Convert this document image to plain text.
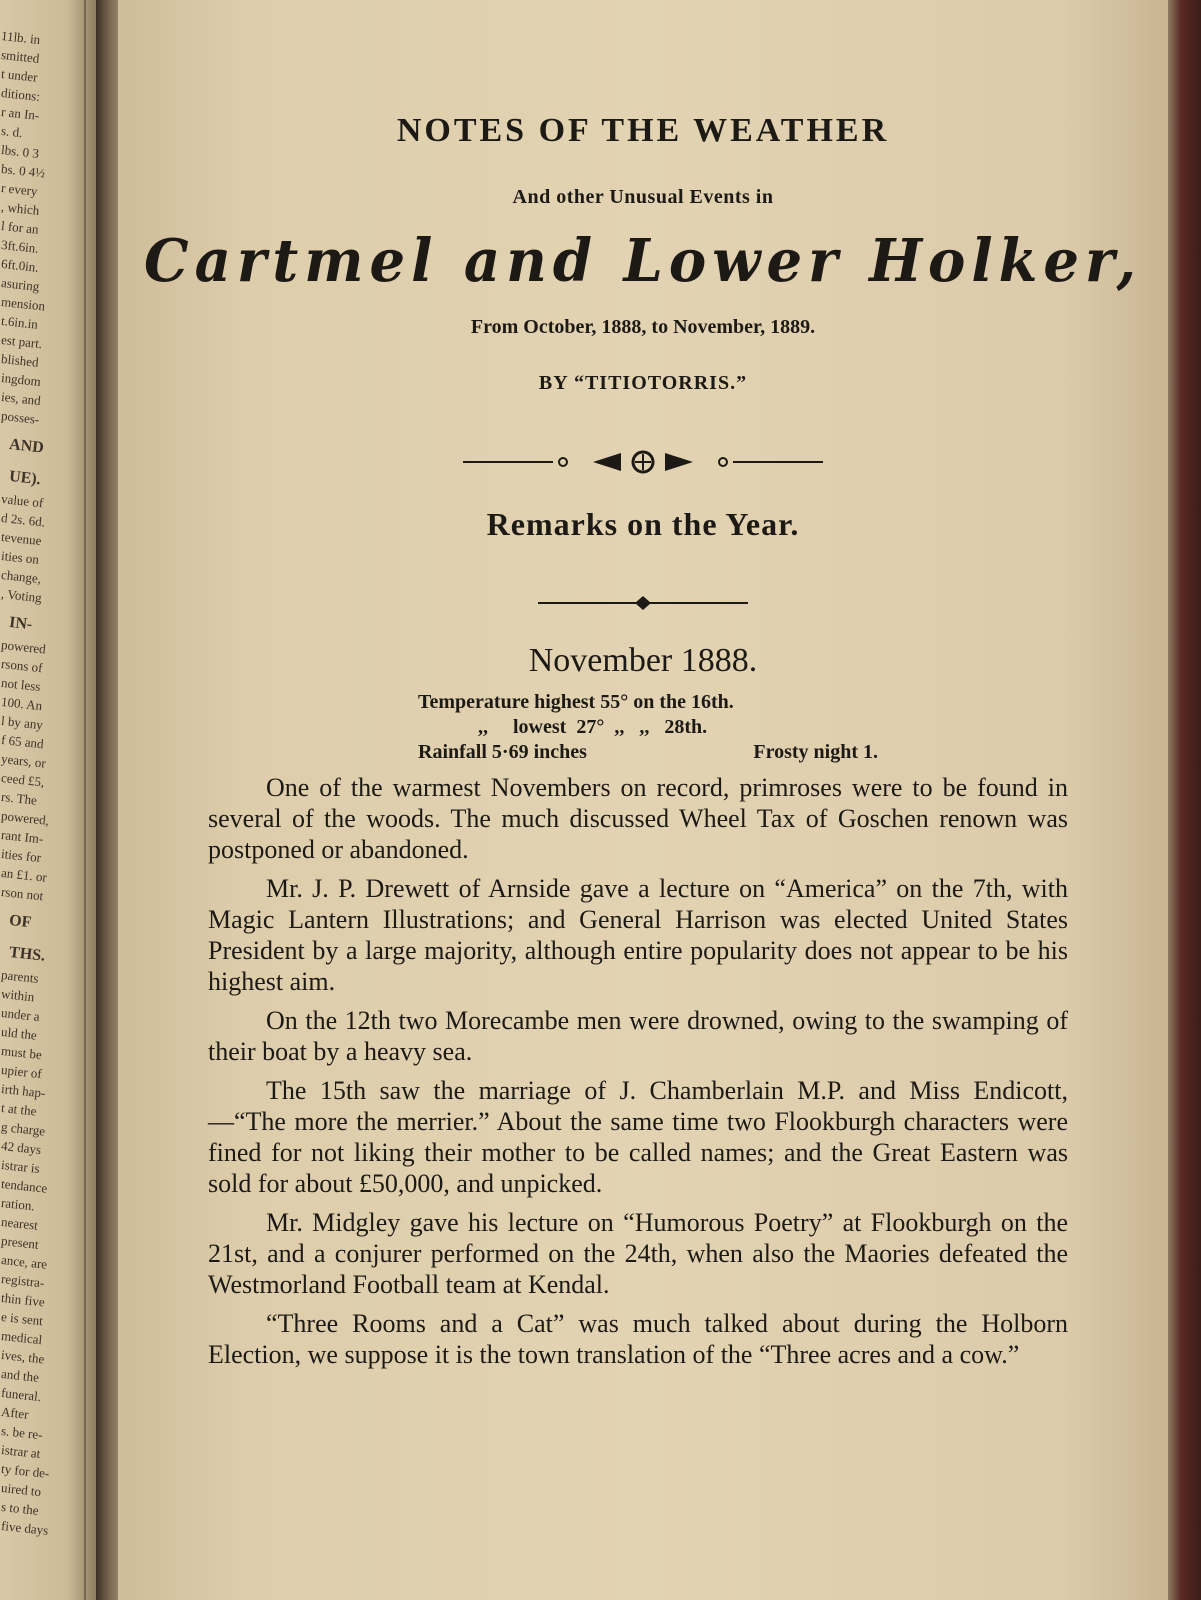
11lb. in
smitted
t under
ditions:
r an In-
s. d.
lbs. 0 3
bs. 0 4½
r every
, which
l for an
3ft.6in.
6ft.0in.
asuring
mension
t.6in.in
est part.
blished
ingdom
ies, and
posses-
AND
UE).
value of
d 2s. 6d.
tevenue
ities on
change,
, Voting
IN-
powered
rsons of
not less
100. An
l by any
f 65 and
years, or
ceed £5,
rs. The
powered,
rant Im-
ities for
an £1. or
rson not
OF
THS.
parents
within
under a
uld the
must be
upier of
irth hap-
t at the
g charge
42 days
istrar is
tendance
ration.
nearest
present
ance, are
registra-
thin five
e is sent
medical
ives, the
and the
funeral.
After
s. be re-
istrar at
ty for de-
uired to
s to the
five days
NOTES OF THE WEATHER
And other Unusual Events in
Cartmel and Lower Holker,
From October, 1888, to November, 1889.
BY “TITIOTORRIS.”
Remarks on the Year.
November 1888.
Temperature highest 55° on the 16th.
,,     lowest  27°  ,,   ,,   28th.
Rainfall 5·69 inches	Frosty night 1.

One of the warmest Novembers on record, primroses were to be found in several of the woods. The much discussed Wheel Tax of Goschen renown was postponed or abandoned.

Mr. J. P. Drewett of Arnside gave a lecture on “America” on the 7th, with Magic Lantern Illustrations; and General Harrison was elected United States President by a large majority, although entire popularity does not appear to be his highest aim.

On the 12th two Morecambe men were drowned, owing to the swamping of their boat by a heavy sea.

The 15th saw the marriage of J. Chamberlain M.P. and Miss Endicott,—“The more the merrier.” About the same time two Flookburgh characters were fined for not liking their mother to be called names; and the Great Eastern was sold for about £50,000, and unpicked.

Mr. Midgley gave his lecture on “Humorous Poetry” at Flookburgh on the 21st, and a conjurer performed on the 24th, when also the Maories defeated the Westmorland Football team at Kendal.

“Three Rooms and a Cat” was much talked about during the Holborn Election, we suppose it is the town translation of the “Three acres and a cow.”
